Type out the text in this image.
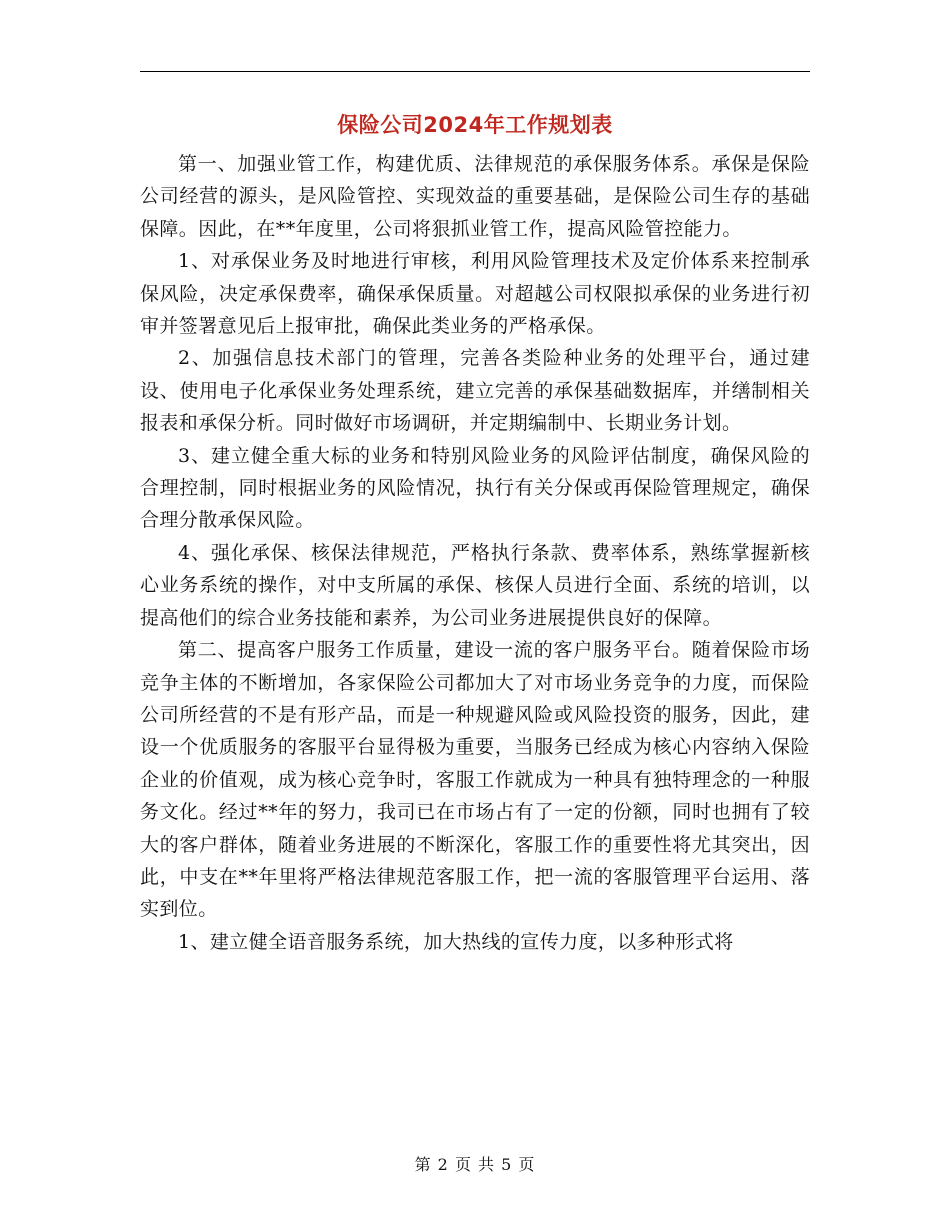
保险公司2024年工作规划表

第一、加强业管工作，构建优质、法律规范的承保服务体系。承保是保险公司经营的源头，是风险管控、实现效益的重要基础，是保险公司生存的基础保障。因此，在**年度里，公司将狠抓业管工作，提高风险管控能力。

1、对承保业务及时地进行审核，利用风险管理技术及定价体系来控制承保风险，决定承保费率，确保承保质量。对超越公司权限拟承保的业务进行初审并签署意见后上报审批，确保此类业务的严格承保。

2、加强信息技术部门的管理，完善各类险种业务的处理平台，通过建设、使用电子化承保业务处理系统，建立完善的承保基础数据库，并缮制相关报表和承保分析。同时做好市场调研，并定期编制中、长期业务计划。

3、建立健全重大标的业务和特别风险业务的风险评估制度，确保风险的合理控制，同时根据业务的风险情况，执行有关分保或再保险管理规定，确保合理分散承保风险。

4、强化承保、核保法律规范，严格执行条款、费率体系，熟练掌握新核心业务系统的操作，对中支所属的承保、核保人员进行全面、系统的培训，以提高他们的综合业务技能和素养，为公司业务进展提供良好的保障。

第二、提高客户服务工作质量，建设一流的客户服务平台。随着保险市场竞争主体的不断增加，各家保险公司都加大了对市场业务竞争的力度，而保险公司所经营的不是有形产品，而是一种规避风险或风险投资的服务，因此，建设一个优质服务的客服平台显得极为重要，当服务已经成为核心内容纳入保险企业的价值观，成为核心竞争时，客服工作就成为一种具有独特理念的一种服务文化。经过**年的努力，我司已在市场占有了一定的份额，同时也拥有了较大的客户群体，随着业务进展的不断深化，客服工作的重要性将尤其突出，因此，中支在**年里将严格法律规范客服工作，把一流的客服管理平台运用、落实到位。

1、建立健全语音服务系统，加大热线的宣传力度，以多种形式将

第 2 页 共 5 页
